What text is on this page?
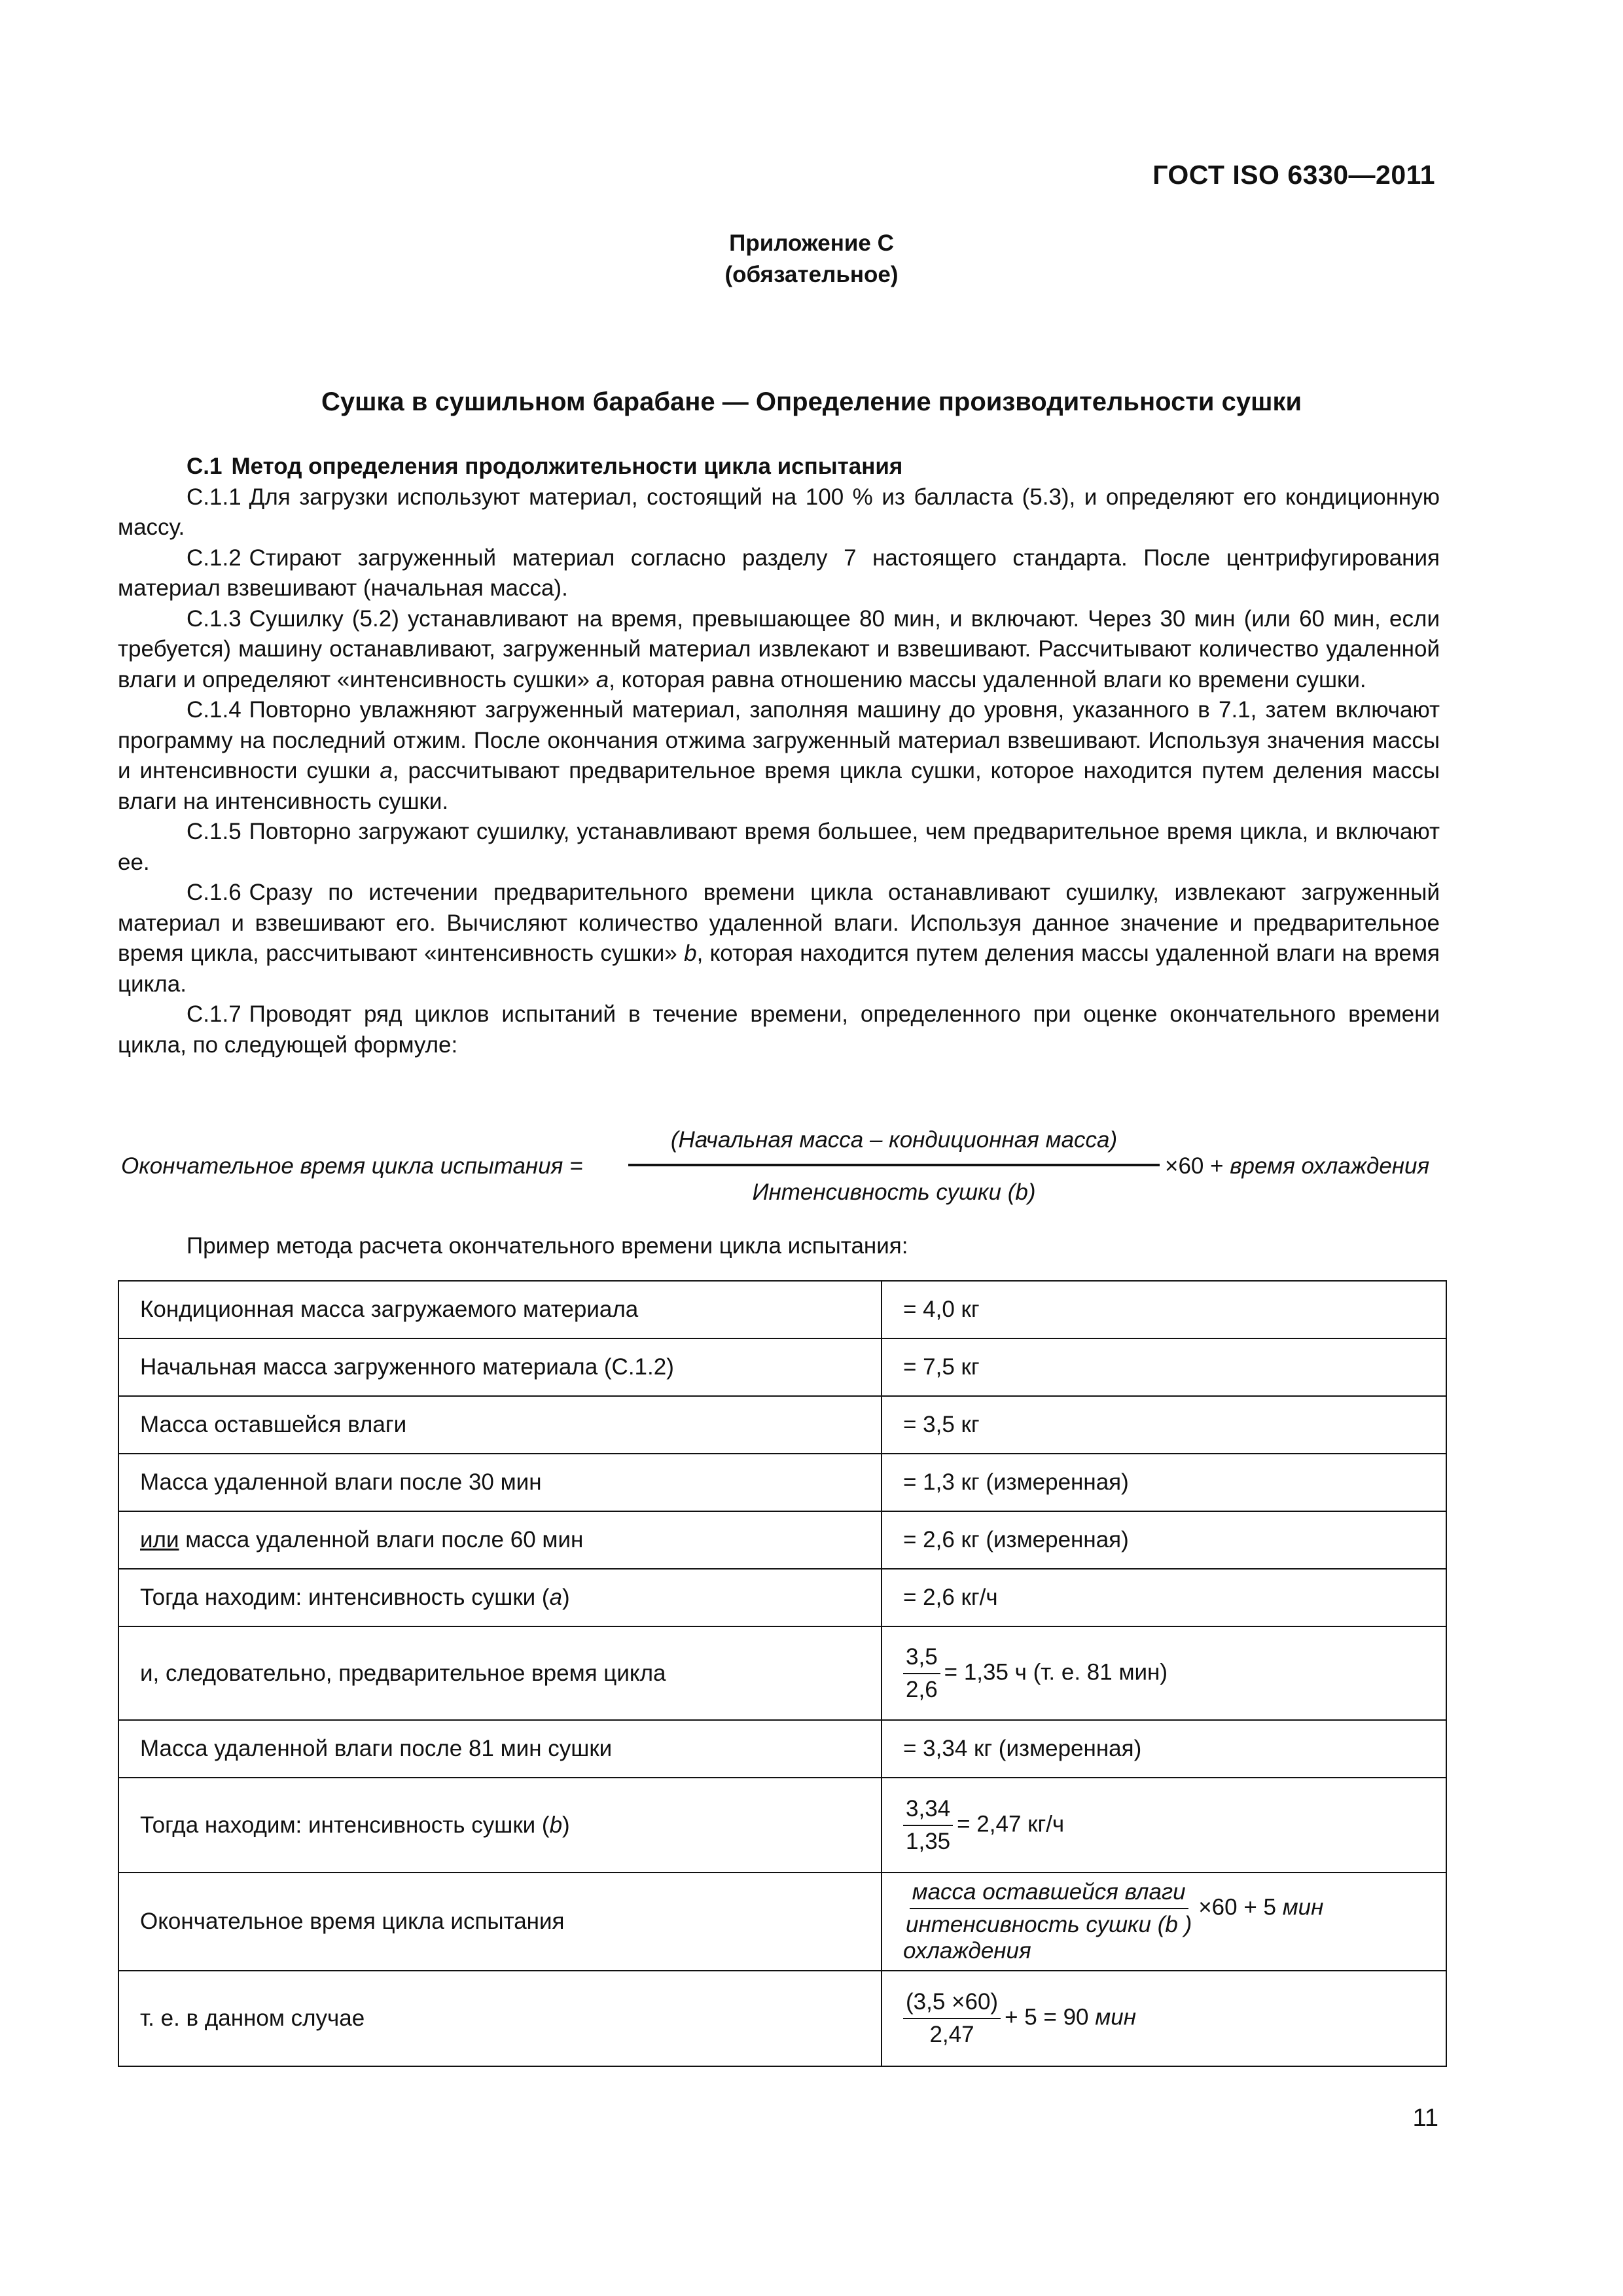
ГОСТ ISO 6330—2011
Приложение С
(обязательное)
Сушка в сушильном барабане — Определение производительности сушки

С.1 Метод определения продолжительности цикла испытания

С.1.1 Для загрузки используют материал, состоящий на 100 % из балласта (5.3), и определяют его кондиционную массу.

С.1.2 Стирают загруженный материал согласно разделу 7 настоящего стандарта. После центрифугирования материал взвешивают (начальная масса).

С.1.3 Сушилку (5.2) устанавливают на время, превышающее 80 мин, и включают. Через 30 мин (или 60 мин, если требуется) машину останавливают, загруженный материал извлекают и взвешивают. Рассчитывают количество удаленной влаги и определяют «интенсивность сушки» а, которая равна отношению массы удаленной влаги ко времени сушки.

С.1.4 Повторно увлажняют загруженный материал, заполняя машину до уровня, указанного в 7.1, затем включают программу на последний отжим. После окончания отжима загруженный материал взвешивают. Используя значения массы и интенсивности сушки а, рассчитывают предварительное время цикла сушки, которое находится путем деления массы влаги на интенсивность сушки.

С.1.5 Повторно загружают сушилку, устанавливают время большее, чем предварительное время цикла, и включают ее.

С.1.6 Сразу по истечении предварительного времени цикла останавливают сушилку, извлекают загруженный материал и взвешивают его. Вычисляют количество удаленной влаги. Используя данное значение и предварительное время цикла, рассчитывают «интенсивность сушки» b, которая находится путем деления массы удаленной влаги на время цикла.

С.1.7 Проводят ряд циклов испытаний в течение времени, определенного при оценке окончательного времени цикла, по следующей формуле:

Окончательное время цикла испытания =
(Начальная масса – кондиционная масса)
Интенсивность сушки (b)
×60 + время охлаждения
Пример метода расчета окончательного времени цикла испытания:
Кондиционная масса загружаемого материала	= 4,0 кг
Начальная масса загруженного материала (С.1.2)	= 7,5 кг
Масса оставшейся влаги	= 3,5 кг
Масса удаленной влаги после 30 мин	= 1,3 кг (измеренная)
или масса удаленной влаги после 60 мин	= 2,6 кг (измеренная)
Тогда находим: интенсивность сушки (а)	= 2,6 кг/ч
и, следовательно, предварительное время цикла	$\frac{3,5}{2,6} = 1,35$ ч (т. е. 81 мин)
Масса удаленной влаги после 81 мин сушки	= 3,34 кг (измеренная)
Тогда находим: интенсивность сушки (b)	$\frac{3,34}{1,35} = 2,47$ кг/ч
Окончательное время цикла испытания	$\frac{\text{масса оставшейся влаги}}{\text{интенсивность сушки (b )}} \times 60 + 5$ мин охлаждения
т. е. в данном случае	$\frac{(3,5 \times 60)}{2,47} + 5 = 90$ мин
11
